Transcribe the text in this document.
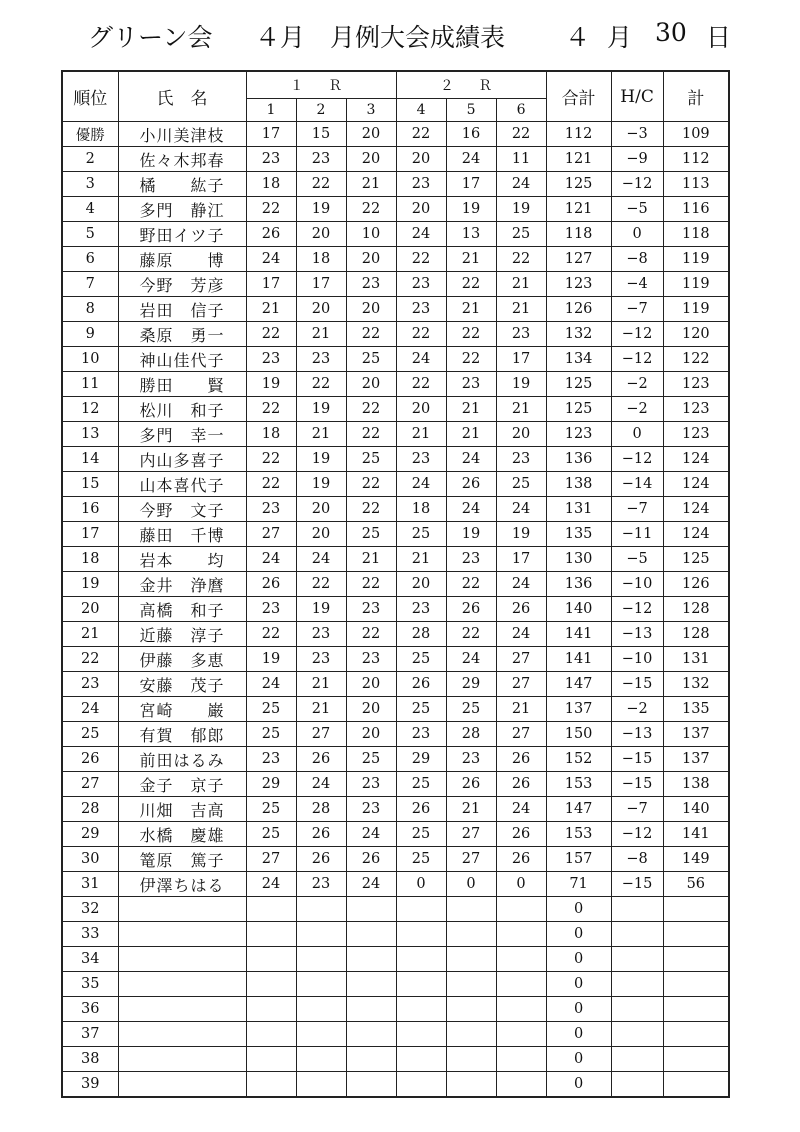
グリーン会 ４月 月例大会成績表 ４ 月 30 日
順位	氏　名	１ Ｒ			２ Ｒ			合計	H/C	計
		1	2	3	4	5	6			
優勝	小川美津枝	17	15	20	22	16	22	112	−3	109
2	佐々木邦春	23	23	20	20	24	11	121	−9	112
3	橘　　紘子	18	22	21	23	17	24	125	−12	113
4	多門　静江	22	19	22	20	19	19	121	−5	116
5	野田イツ子	26	20	10	24	13	25	118	0	118
6	藤原　　博	24	18	20	22	21	22	127	−8	119
7	今野　芳彦	17	17	23	23	22	21	123	−4	119
8	岩田　信子	21	20	20	23	21	21	126	−7	119
9	桑原　勇一	22	21	22	22	22	23	132	−12	120
10	神山佳代子	23	23	25	24	22	17	134	−12	122
11	勝田　　賢	19	22	20	22	23	19	125	−2	123
12	松川　和子	22	19	22	20	21	21	125	−2	123
13	多門　幸一	18	21	22	21	21	20	123	0	123
14	内山多喜子	22	19	25	23	24	23	136	−12	124
15	山本喜代子	22	19	22	24	26	25	138	−14	124
16	今野　文子	23	20	22	18	24	24	131	−7	124
17	藤田　千博	27	20	25	25	19	19	135	−11	124
18	岩本　　均	24	24	21	21	23	17	130	−5	125
19	金井　浄麿	26	22	22	20	22	24	136	−10	126
20	高橋　和子	23	19	23	23	26	26	140	−12	128
21	近藤　淳子	22	23	22	28	22	24	141	−13	128
22	伊藤　多恵	19	23	23	25	24	27	141	−10	131
23	安藤　茂子	24	21	20	26	29	27	147	−15	132
24	宮崎　　巌	25	21	20	25	25	21	137	−2	135
25	有賀　郁郎	25	27	20	23	28	27	150	−13	137
26	前田はるみ	23	26	25	29	23	26	152	−15	137
27	金子　京子	29	24	23	25	26	26	153	−15	138
28	川畑　吉高	25	28	23	26	21	24	147	−7	140
29	水橋　慶雄	25	26	24	25	27	26	153	−12	141
30	篭原　篤子	27	26	26	25	27	26	157	−8	149
31	伊澤ちはる	24	23	24	0	0	0	71	−15	56
32								0		
33								0		
34								0		
35								0		
36								0		
37								0		
38								0		
39								0		
